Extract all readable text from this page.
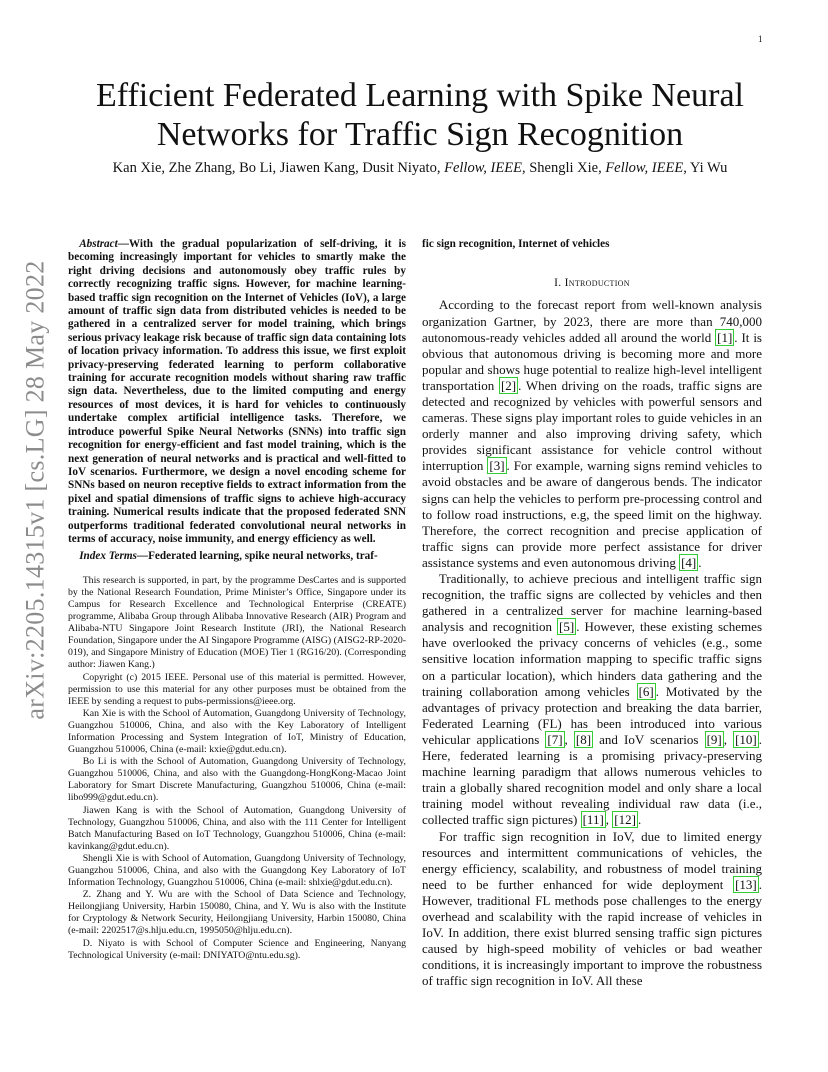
1
arXiv:2205.14315v1 [cs.LG] 28 May 2022
Efficient Federated Learning with Spike Neural
Networks for Traffic Sign Recognition

Kan Xie, Zhe Zhang, Bo Li, Jiawen Kang, Dusit Niyato, Fellow, IEEE, Shengli Xie, Fellow, IEEE, Yi Wu

Abstract—With the gradual popularization of self-driving, it is becoming increasingly important for vehicles to smartly make the right driving decisions and autonomously obey traffic rules by correctly recognizing traffic signs. However, for machine learning-based traffic sign recognition on the Internet of Vehicles (IoV), a large amount of traffic sign data from distributed vehicles is needed to be gathered in a centralized server for model training, which brings serious privacy leakage risk because of traffic sign data containing lots of location privacy information. To address this issue, we first exploit privacy-preserving federated learning to perform collaborative training for accurate recognition models without sharing raw traffic sign data. Nevertheless, due to the limited computing and energy resources of most devices, it is hard for vehicles to continuously undertake complex artificial intelligence tasks. Therefore, we introduce powerful Spike Neural Networks (SNNs) into traffic sign recognition for energy-efficient and fast model training, which is the next generation of neural networks and is practical and well-fitted to IoV scenarios. Furthermore, we design a novel encoding scheme for SNNs based on neuron receptive fields to extract information from the pixel and spatial dimensions of traffic signs to achieve high-accuracy training. Numerical results indicate that the proposed federated SNN outperforms traditional federated convolutional neural networks in terms of accuracy, noise immunity, and energy efficiency as well.

Index Terms—Federated learning, spike neural networks, traf-

This research is supported, in part, by the programme DesCartes and is supported by the National Research Foundation, Prime Minister’s Office, Singapore under its Campus for Research Excellence and Technological Enterprise (CREATE) programme, Alibaba Group through Alibaba Innovative Research (AIR) Program and Alibaba-NTU Singapore Joint Research Institute (JRI), the National Research Foundation, Singapore under the AI Singapore Programme (AISG) (AISG2-RP-2020-019), and Singapore Ministry of Education (MOE) Tier 1 (RG16/20). (Corresponding author: Jiawen Kang.)

Copyright (c) 2015 IEEE. Personal use of this material is permitted. However, permission to use this material for any other purposes must be obtained from the IEEE by sending a request to pubs-permissions@ieee.org.

Kan Xie is with the School of Automation, Guangdong University of Technology, Guangzhou 510006, China, and also with the Key Laboratory of Intelligent Information Processing and System Integration of IoT, Ministry of Education, Guangzhou 510006, China (e-mail: kxie@gdut.edu.cn).

Bo Li is with the School of Automation, Guangdong University of Technology, Guangzhou 510006, China, and also with the Guangdong-HongKong-Macao Joint Laboratory for Smart Discrete Manufacturing, Guangzhou 510006, China (e-mail: libo999@gdut.edu.cn).

Jiawen Kang is with the School of Automation, Guangdong University of Technology, Guangzhou 510006, China, and also with the 111 Center for Intelligent Batch Manufacturing Based on IoT Technology, Guangzhou 510006, China (e-mail: kavinkang@gdut.edu.cn).

Shengli Xie is with School of Automation, Guangdong University of Technology, Guangzhou 510006, China, and also with the Guangdong Key Laboratory of IoT Information Technology, Guangzhou 510006, China (e-mail: shlxie@gdut.edu.cn).

Z. Zhang and Y. Wu are with the School of Data Science and Technology, Heilongjiang University, Harbin 150080, China, and Y. Wu is also with the Institute for Cryptology & Network Security, Heilongjiang University, Harbin 150080, China (e-mail: 2202517@s.hlju.edu.cn, 1995050@hlju.edu.cn).

D. Niyato is with School of Computer Science and Engineering, Nanyang Technological University (e-mail: DNIYATO@ntu.edu.sg).

fic sign recognition, Internet of vehicles

I. Introduction

According to the forecast report from well-known analysis organization Gartner, by 2023, there are more than 740,000 autonomous-ready vehicles added all around the world [1] . It is obvious that autonomous driving is becoming more and more popular and shows huge potential to realize high-level intelligent transportation [2] . When driving on the roads, traffic signs are detected and recognized by vehicles with powerful sensors and cameras. These signs play important roles to guide vehicles in an orderly manner and also improving driving safety, which provides significant assistance for vehicle control without interruption [3] . For example, warning signs remind vehicles to avoid obstacles and be aware of dangerous bends. The indicator signs can help the vehicles to perform pre-processing control and to follow road instructions, e.g, the speed limit on the highway. Therefore, the correct recognition and precise application of traffic signs can provide more perfect assistance for driver assistance systems and even autonomous driving [4] .

Traditionally, to achieve precious and intelligent traffic sign recognition, the traffic signs are collected by vehicles and then gathered in a centralized server for machine learning-based analysis and recognition [5] . However, these existing schemes have overlooked the privacy concerns of vehicles (e.g., some sensitive location information mapping to specific traffic signs on a particular location), which hinders data gathering and the training collaboration among vehicles [6] . Motivated by the advantages of privacy protection and breaking the data barrier, Federated Learning (FL) has been introduced into various vehicular applications [7] , [8] and IoV scenarios [9] , [10] . Here, federated learning is a promising privacy-preserving machine learning paradigm that allows numerous vehicles to train a globally shared recognition model and only share a local training model without revealing individual raw data (i.e., collected traffic sign pictures) [11] , [12] .

For traffic sign recognition in IoV, due to limited energy resources and intermittent communications of vehicles, the energy efficiency, scalability, and robustness of model training need to be further enhanced for wide deployment [13] . However, traditional FL methods pose challenges to the energy overhead and scalability with the rapid increase of vehicles in IoV. In addition, there exist blurred sensing traffic sign pictures caused by high-speed mobility of vehicles or bad weather conditions, it is increasingly important to improve the robustness of traffic sign recognition in IoV. All these
